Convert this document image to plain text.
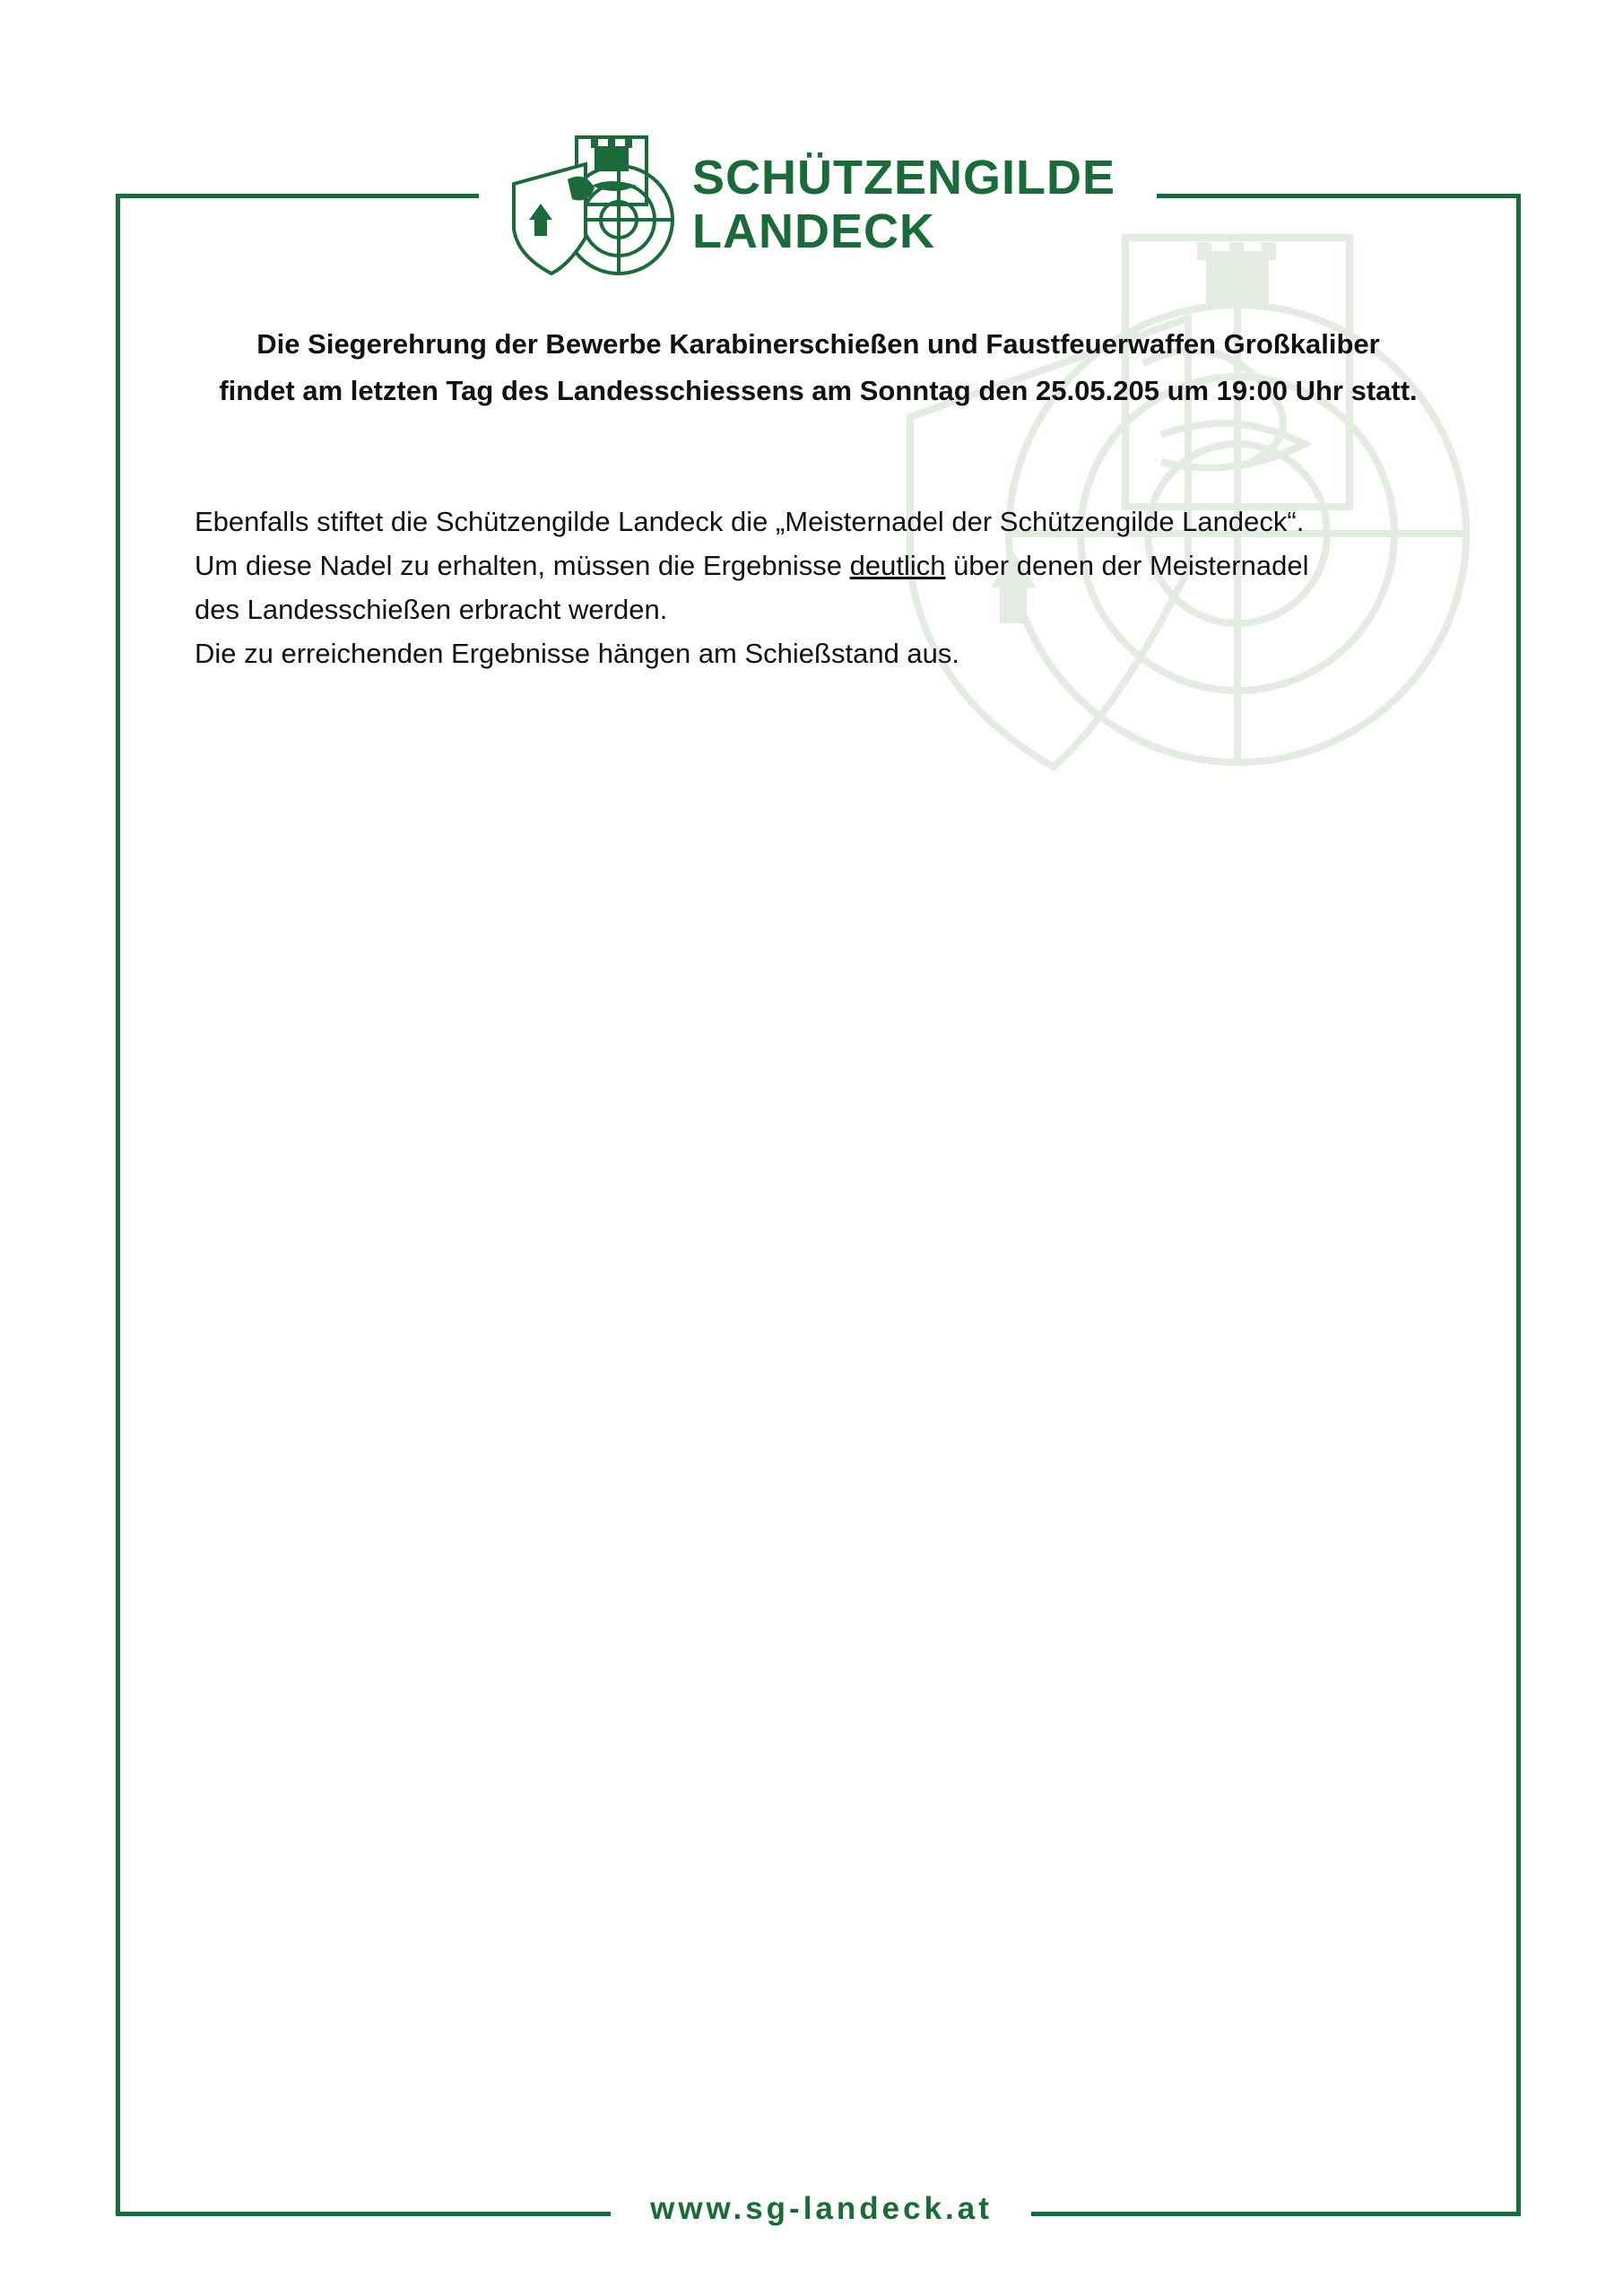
SCHÜTZENGILDE
LANDECK
Die Siegerehrung der Bewerbe Karabinerschießen und Faustfeuerwaffen Großkaliber
findet am letzten Tag des Landesschiessens am Sonntag den 25.05.205 um 19:00 Uhr statt.
Ebenfalls stiftet die Schützengilde Landeck die „Meisternadel der Schützengilde Landeck“.
Um diese Nadel zu erhalten, müssen die Ergebnisse deutlich über denen der Meisternadel
des Landesschießen erbracht werden.
Die zu erreichenden Ergebnisse hängen am Schießstand aus.
www.sg-landeck.at
